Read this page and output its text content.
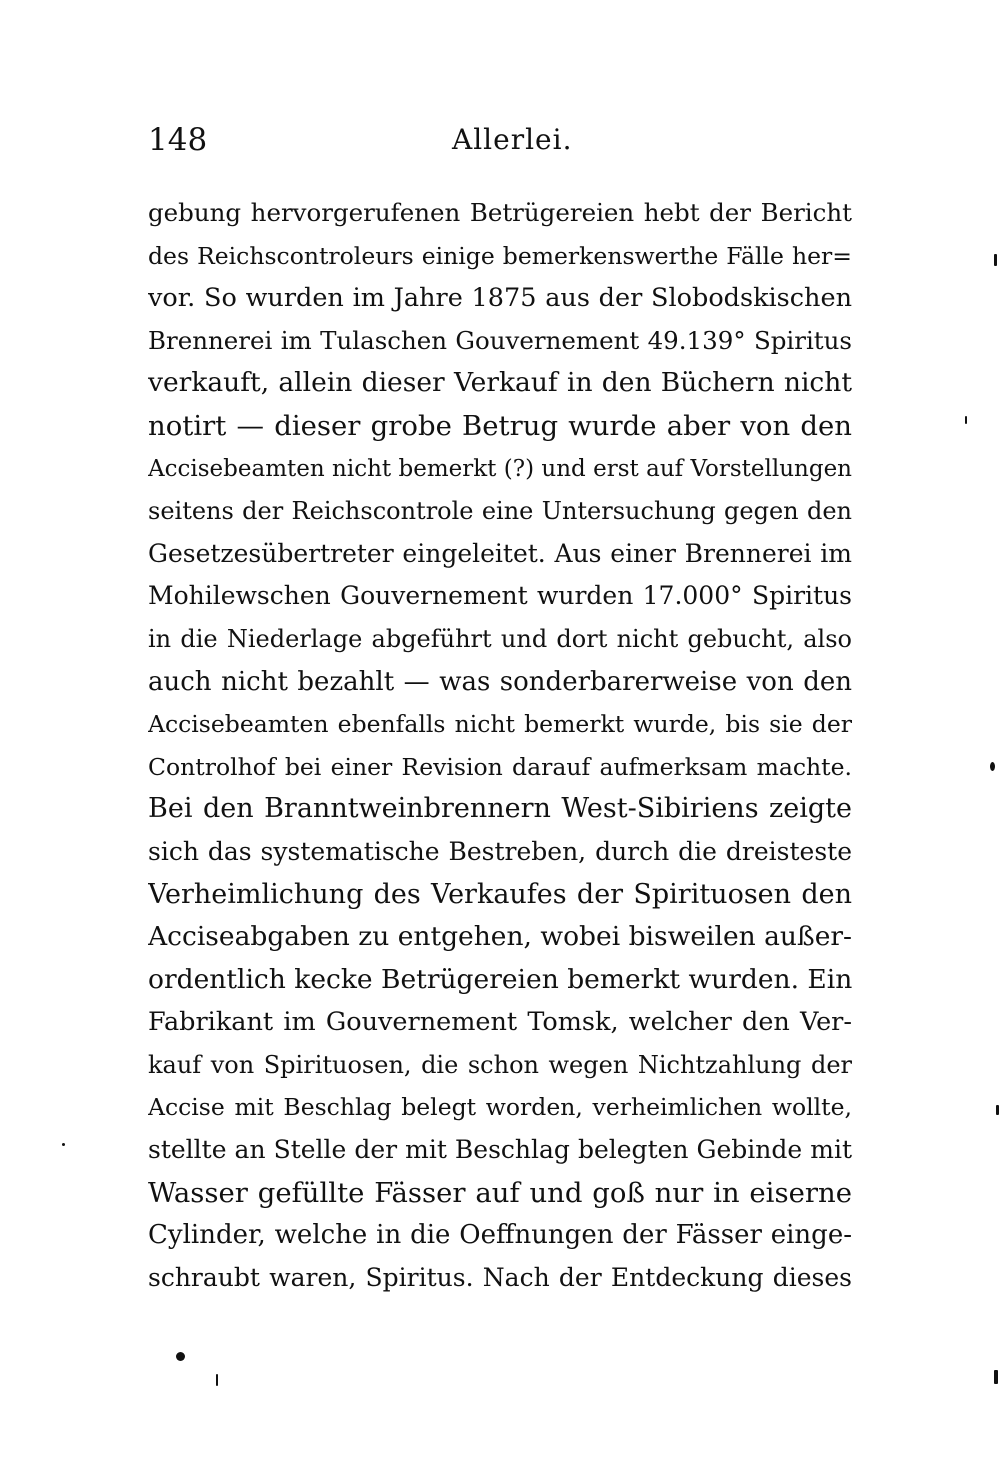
148	Allerlei.
gebung hervorgerufenen Betrügereien hebt der Bericht
des Reichscontroleurs einige bemerkenswerthe Fälle her=
vor. So wurden im Jahre 1875 aus der Slobodskischen
Brennerei im Tulaschen Gouvernement 49.139° Spiritus
verkauft, allein dieser Verkauf in den Büchern nicht
notirt — dieser grobe Betrug wurde aber von den
Accisebeamten nicht bemerkt (?) und erst auf Vorstellungen
seitens der Reichscontrole eine Untersuchung gegen den
Gesetzesübertreter eingeleitet. Aus einer Brennerei im
Mohilewschen Gouvernement wurden 17.000° Spiritus
in die Niederlage abgeführt und dort nicht gebucht, also
auch nicht bezahlt — was sonderbarerweise von den
Accisebeamten ebenfalls nicht bemerkt wurde, bis sie der
Controlhof bei einer Revision darauf aufmerksam machte.
Bei den Branntweinbrennern West-Sibiriens zeigte
sich das systematische Bestreben, durch die dreisteste
Verheimlichung des Verkaufes der Spirituosen den
Acciseabgaben zu entgehen, wobei bisweilen außer-
ordentlich kecke Betrügereien bemerkt wurden. Ein
Fabrikant im Gouvernement Tomsk, welcher den Ver-
kauf von Spirituosen, die schon wegen Nichtzahlung der
Accise mit Beschlag belegt worden, verheimlichen wollte,
stellte an Stelle der mit Beschlag belegten Gebinde mit
Wasser gefüllte Fässer auf und goß nur in eiserne
Cylinder, welche in die Oeffnungen der Fässer einge-
schraubt waren, Spiritus. Nach der Entdeckung dieses
